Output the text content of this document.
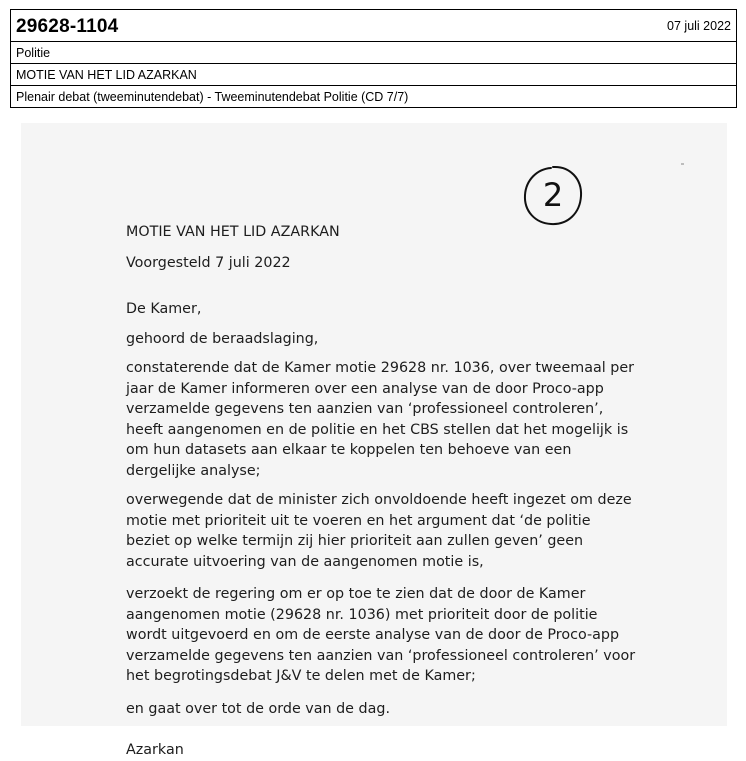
29628-1104	07 juli 2022
Politie
MOTIE VAN HET LID AZARKAN
Plenair debat (tweeminutendebat) - Tweeminutendebat Politie (CD 7/7)
2

MOTIE VAN HET LID AZARKAN

Voorgesteld 7 juli 2022

De Kamer,

gehoord de beraadslaging,

constaterende dat de Kamer motie 29628 nr. 1036, over tweemaal per

jaar de Kamer informeren over een analyse van de door Proco-app

verzamelde gegevens ten aanzien van ‘professioneel controleren’,

heeft aangenomen en de politie en het CBS stellen dat het mogelijk is

om hun datasets aan elkaar te koppelen ten behoeve van een

dergelijke analyse;

overwegende dat de minister zich onvoldoende heeft ingezet om deze

motie met prioriteit uit te voeren en het argument dat ‘de politie

beziet op welke termijn zij hier prioriteit aan zullen geven’ geen

accurate uitvoering van de aangenomen motie is,

verzoekt de regering om er op toe te zien dat de door de Kamer

aangenomen motie (29628 nr. 1036) met prioriteit door de politie

wordt uitgevoerd en om de eerste analyse van de door de Proco-app

verzamelde gegevens ten aanzien van ‘professioneel controleren’ voor

het begrotingsdebat J&V te delen met de Kamer;

en gaat over tot de orde van de dag.

Azarkan
